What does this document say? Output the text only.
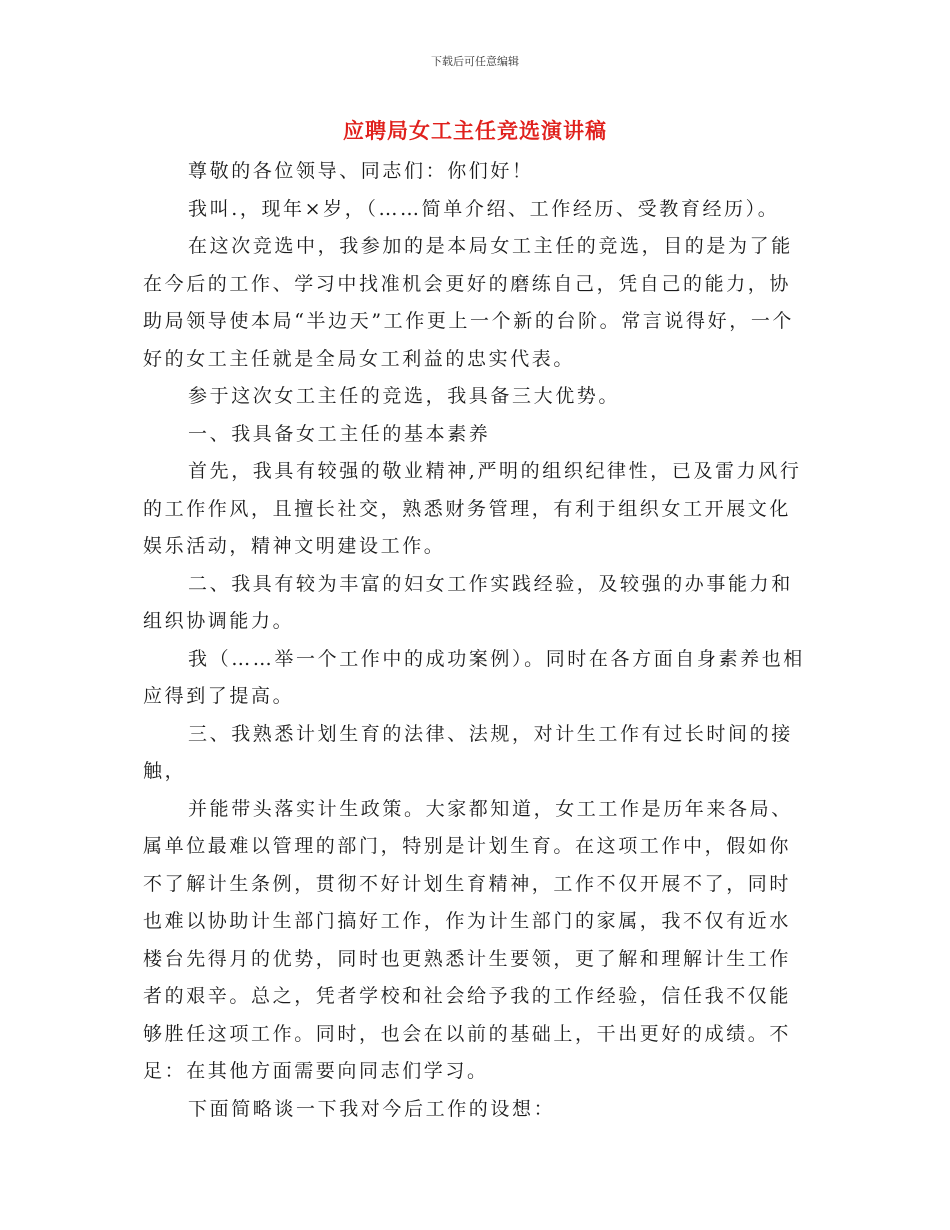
下载后可任意编辑
应聘局女工主任竞选演讲稿

尊敬的各位领导、同志们：你们好！

我叫.，现年×岁，（……简单介绍、工作经历、受教育经历）。

在这次竞选中，我参加的是本局女工主任的竞选，目的是为了能在今后的工作、学习中找准机会更好的磨练自己，凭自己的能力，协助局领导使本局“半边天”工作更上一个新的台阶。常言说得好，一个好的女工主任就是全局女工利益的忠实代表。

参于这次女工主任的竞选，我具备三大优势。

一、我具备女工主任的基本素养

首先，我具有较强的敬业精神,严明的组织纪律性，已及雷力风行的工作作风，且擅长社交，熟悉财务管理，有利于组织女工开展文化娱乐活动，精神文明建设工作。

二、我具有较为丰富的妇女工作实践经验，及较强的办事能力和组织协调能力。

我（……举一个工作中的成功案例）。同时在各方面自身素养也相应得到了提高。

三、我熟悉计划生育的法律、法规，对计生工作有过长时间的接触，

并能带头落实计生政策。大家都知道，女工工作是历年来各局、属单位最难以管理的部门，特别是计划生育。在这项工作中，假如你不了解计生条例，贯彻不好计划生育精神，工作不仅开展不了，同时也难以协助计生部门搞好工作，作为计生部门的家属，我不仅有近水楼台先得月的优势，同时也更熟悉计生要领，更了解和理解计生工作者的艰辛。总之，凭者学校和社会给予我的工作经验，信任我不仅能够胜任这项工作。同时，也会在以前的基础上，干出更好的成绩。不足：在其他方面需要向同志们学习。

下面简略谈一下我对今后工作的设想：
